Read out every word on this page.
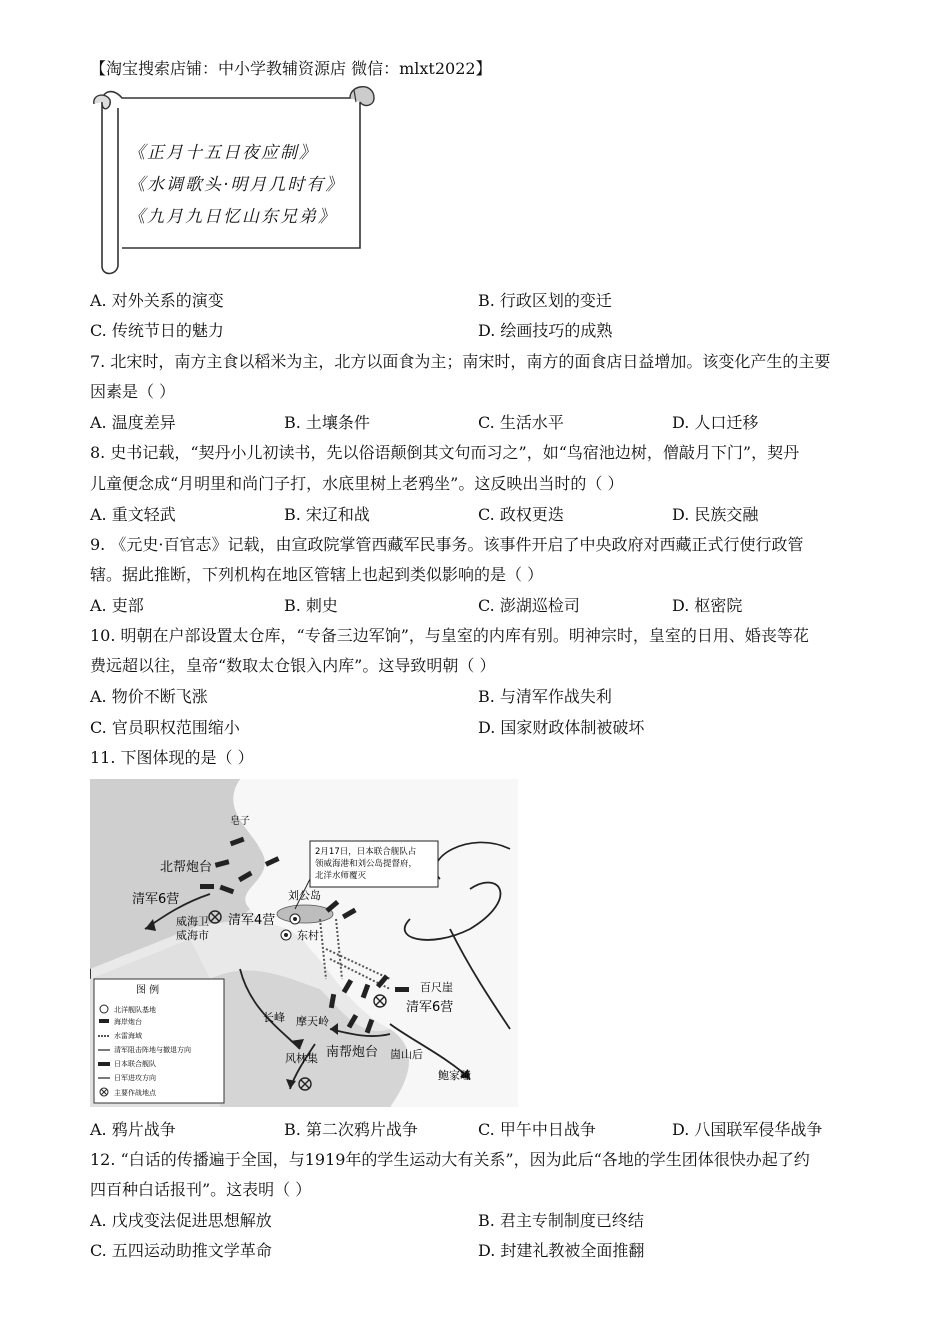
【淘宝搜索店铺：中小学教辅资源店 微信：mlxt2022】
《正月十五日夜应制》
《水调歌头·明月几时有》
《九月九日忆山东兄弟》
A. 对外关系的演变	B. 行政区划的变迁
C. 传统节日的魅力	D. 绘画技巧的成熟
7. 北宋时，南方主食以稻米为主，北方以面食为主；南宋时，南方的面食店日益增加。该变化产生的主要
因素是（ ）
A. 温度差异	B. 土壤条件	C. 生活水平	D. 人口迁移
8. 史书记载，“契丹小儿初读书，先以俗语颠倒其文句而习之”，如“鸟宿池边树，僧敲月下门”，契丹
儿童便念成“月明里和尚门子打，水底里树上老鸦坐”。这反映出当时的（ ）
A. 重文轻武	B. 宋辽和战	C. 政权更迭	D. 民族交融
9. 《元史·百官志》记载，由宣政院掌管西藏军民事务。该事件开启了中央政府对西藏正式行使行政管
辖。据此推断，下列机构在地区管辖上也起到类似影响的是（ ）
A. 吏部	B. 刺史	C. 澎湖巡检司	D. 枢密院
10. 明朝在户部设置太仓库，“专备三边军饷”，与皇室的内库有别。明神宗时，皇室的日用、婚丧等花
费远超以往，皇帝“数取太仓银入内库”。这导致明朝（ ）
A. 物价不断飞涨	B. 与清军作战失利
C. 官员职权范围缩小	D. 国家财政体制被破坏
11. 下图体现的是（ ）
2月17日，日本联合舰队占
领威海港和刘公岛提督府，
北洋水师覆灭
皂子
北帮炮台
清军6营
威海卫
威海市
清军4营
刘公岛
东村
百尺崖
清军6营
长峰 摩天岭
风林集 南帮炮台 崮山后
鲍家疃
图 例
北洋舰队基地
海岸炮台
水雷海域
清军阻击阵地与撤退方向
日本联合舰队
日军进攻方向
主要作战地点
A. 鸦片战争	B. 第二次鸦片战争	C. 甲午中日战争	D. 八国联军侵华战争
12. “白话的传播遍于全国，与1919年的学生运动大有关系”，因为此后“各地的学生团体很快办起了约
四百种白话报刊”。这表明（ ）
A. 戊戌变法促进思想解放	B. 君主专制制度已终结
C. 五四运动助推文学革命	D. 封建礼教被全面推翻
